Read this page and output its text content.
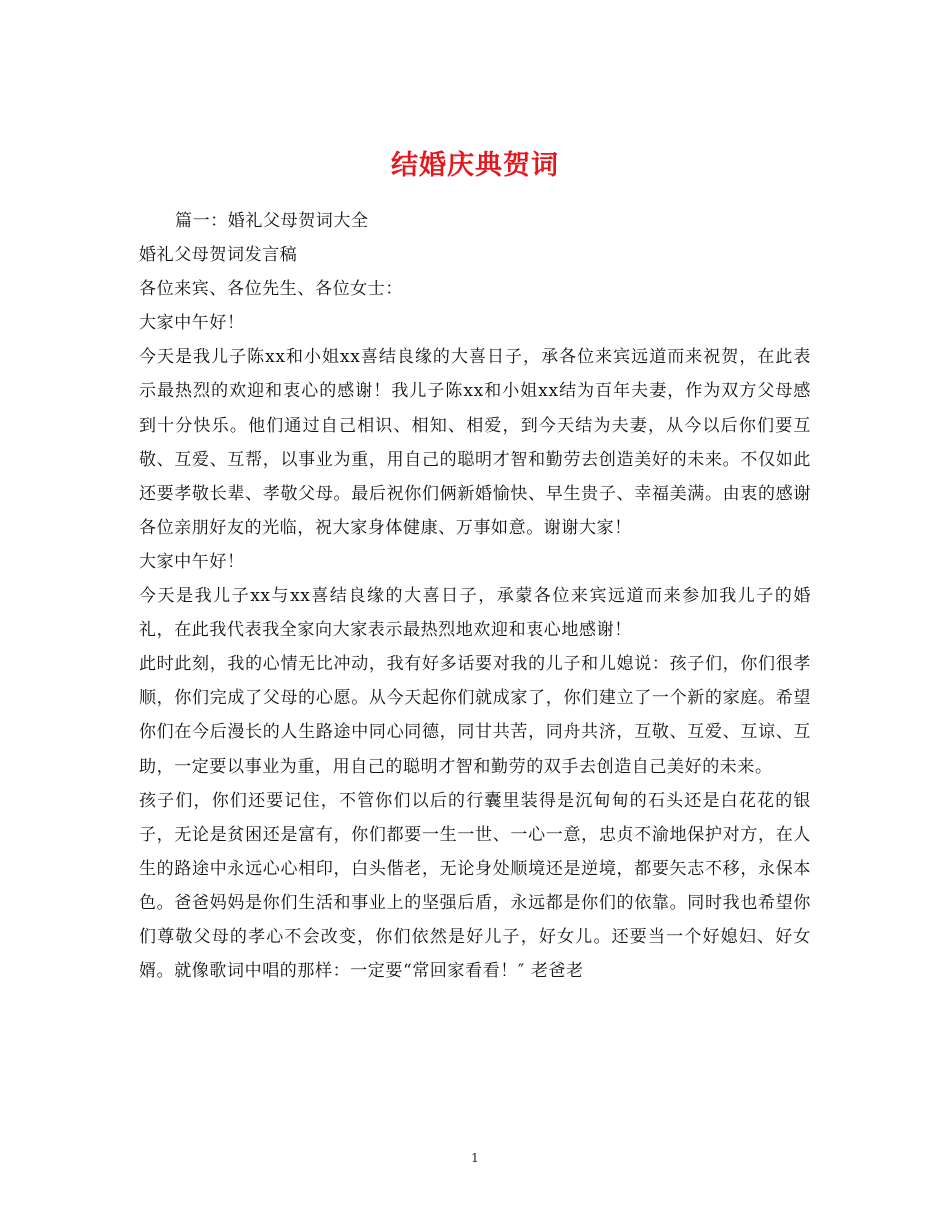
结婚庆典贺词

篇一：婚礼父母贺词大全

婚礼父母贺词发言稿

各位来宾、各位先生、各位女士：

大家中午好！

今天是我儿子陈xx和小姐xx喜结良缘的大喜日子，承各位来宾远道而来祝贺，在此表示最热烈的欢迎和衷心的感谢！我儿子陈xx和小姐xx结为百年夫妻，作为双方父母感到十分快乐。他们通过自己相识、相知、相爱，到今天结为夫妻，从今以后你们要互敬、互爱、互帮，以事业为重，用自己的聪明才智和勤劳去创造美好的未来。不仅如此还要孝敬长辈、孝敬父母。最后祝你们俩新婚愉快、早生贵子、幸福美满。由衷的感谢各位亲朋好友的光临，祝大家身体健康、万事如意。谢谢大家！

大家中午好！

今天是我儿子xx与xx喜结良缘的大喜日子，承蒙各位来宾远道而来参加我儿子的婚礼，在此我代表我全家向大家表示最热烈地欢迎和衷心地感谢！

此时此刻，我的心情无比冲动，我有好多话要对我的儿子和儿媳说：孩子们，你们很孝顺，你们完成了父母的心愿。从今天起你们就成家了，你们建立了一个新的家庭。希望你们在今后漫长的人生路途中同心同德，同甘共苦，同舟共济，互敬、互爱、互谅、互助，一定要以事业为重，用自己的聪明才智和勤劳的双手去创造自己美好的未来。

孩子们，你们还要记住，不管你们以后的行囊里装得是沉甸甸的石头还是白花花的银子，无论是贫困还是富有，你们都要一生一世、一心一意，忠贞不渝地保护对方，在人生的路途中永远心心相印，白头偕老，无论身处顺境还是逆境，都要矢志不移，永保本色。爸爸妈妈是你们生活和事业上的坚强后盾，永远都是你们的依靠。同时我也希望你们尊敬父母的孝心不会改变，你们依然是好儿子，好女儿。还要当一个好媳妇、好女婿。就像歌词中唱的那样：一定要“常回家看看！″ 老爸老

1
